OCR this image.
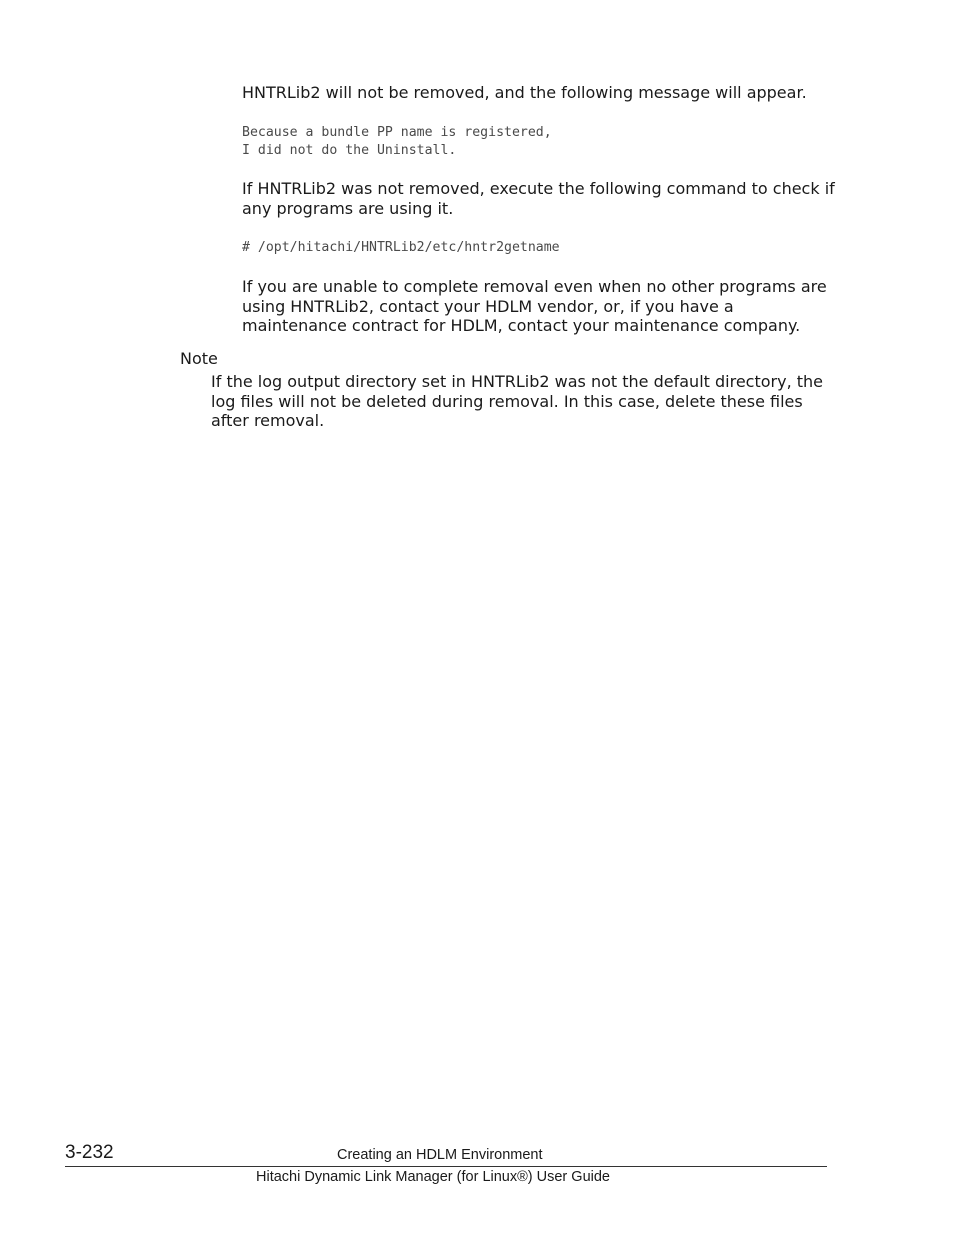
HNTRLib2 will not be removed, and the following message will appear.

Because a bundle PP name is registered,
I did not do the Uninstall.

If HNTRLib2 was not removed, execute the following command to check if any programs are using it.

# /opt/hitachi/HNTRLib2/etc/hntr2getname

If you are unable to complete removal even when no other programs are using HNTRLib2, contact your HDLM vendor, or, if you have a maintenance contract for HDLM, contact your maintenance company.

Note

If the log output directory set in HNTRLib2 was not the default directory, the log files will not be deleted during removal. In this case, delete these files after removal.

3-232	Creating an HDLM Environment
Hitachi Dynamic Link Manager (for Linux®) User Guide
